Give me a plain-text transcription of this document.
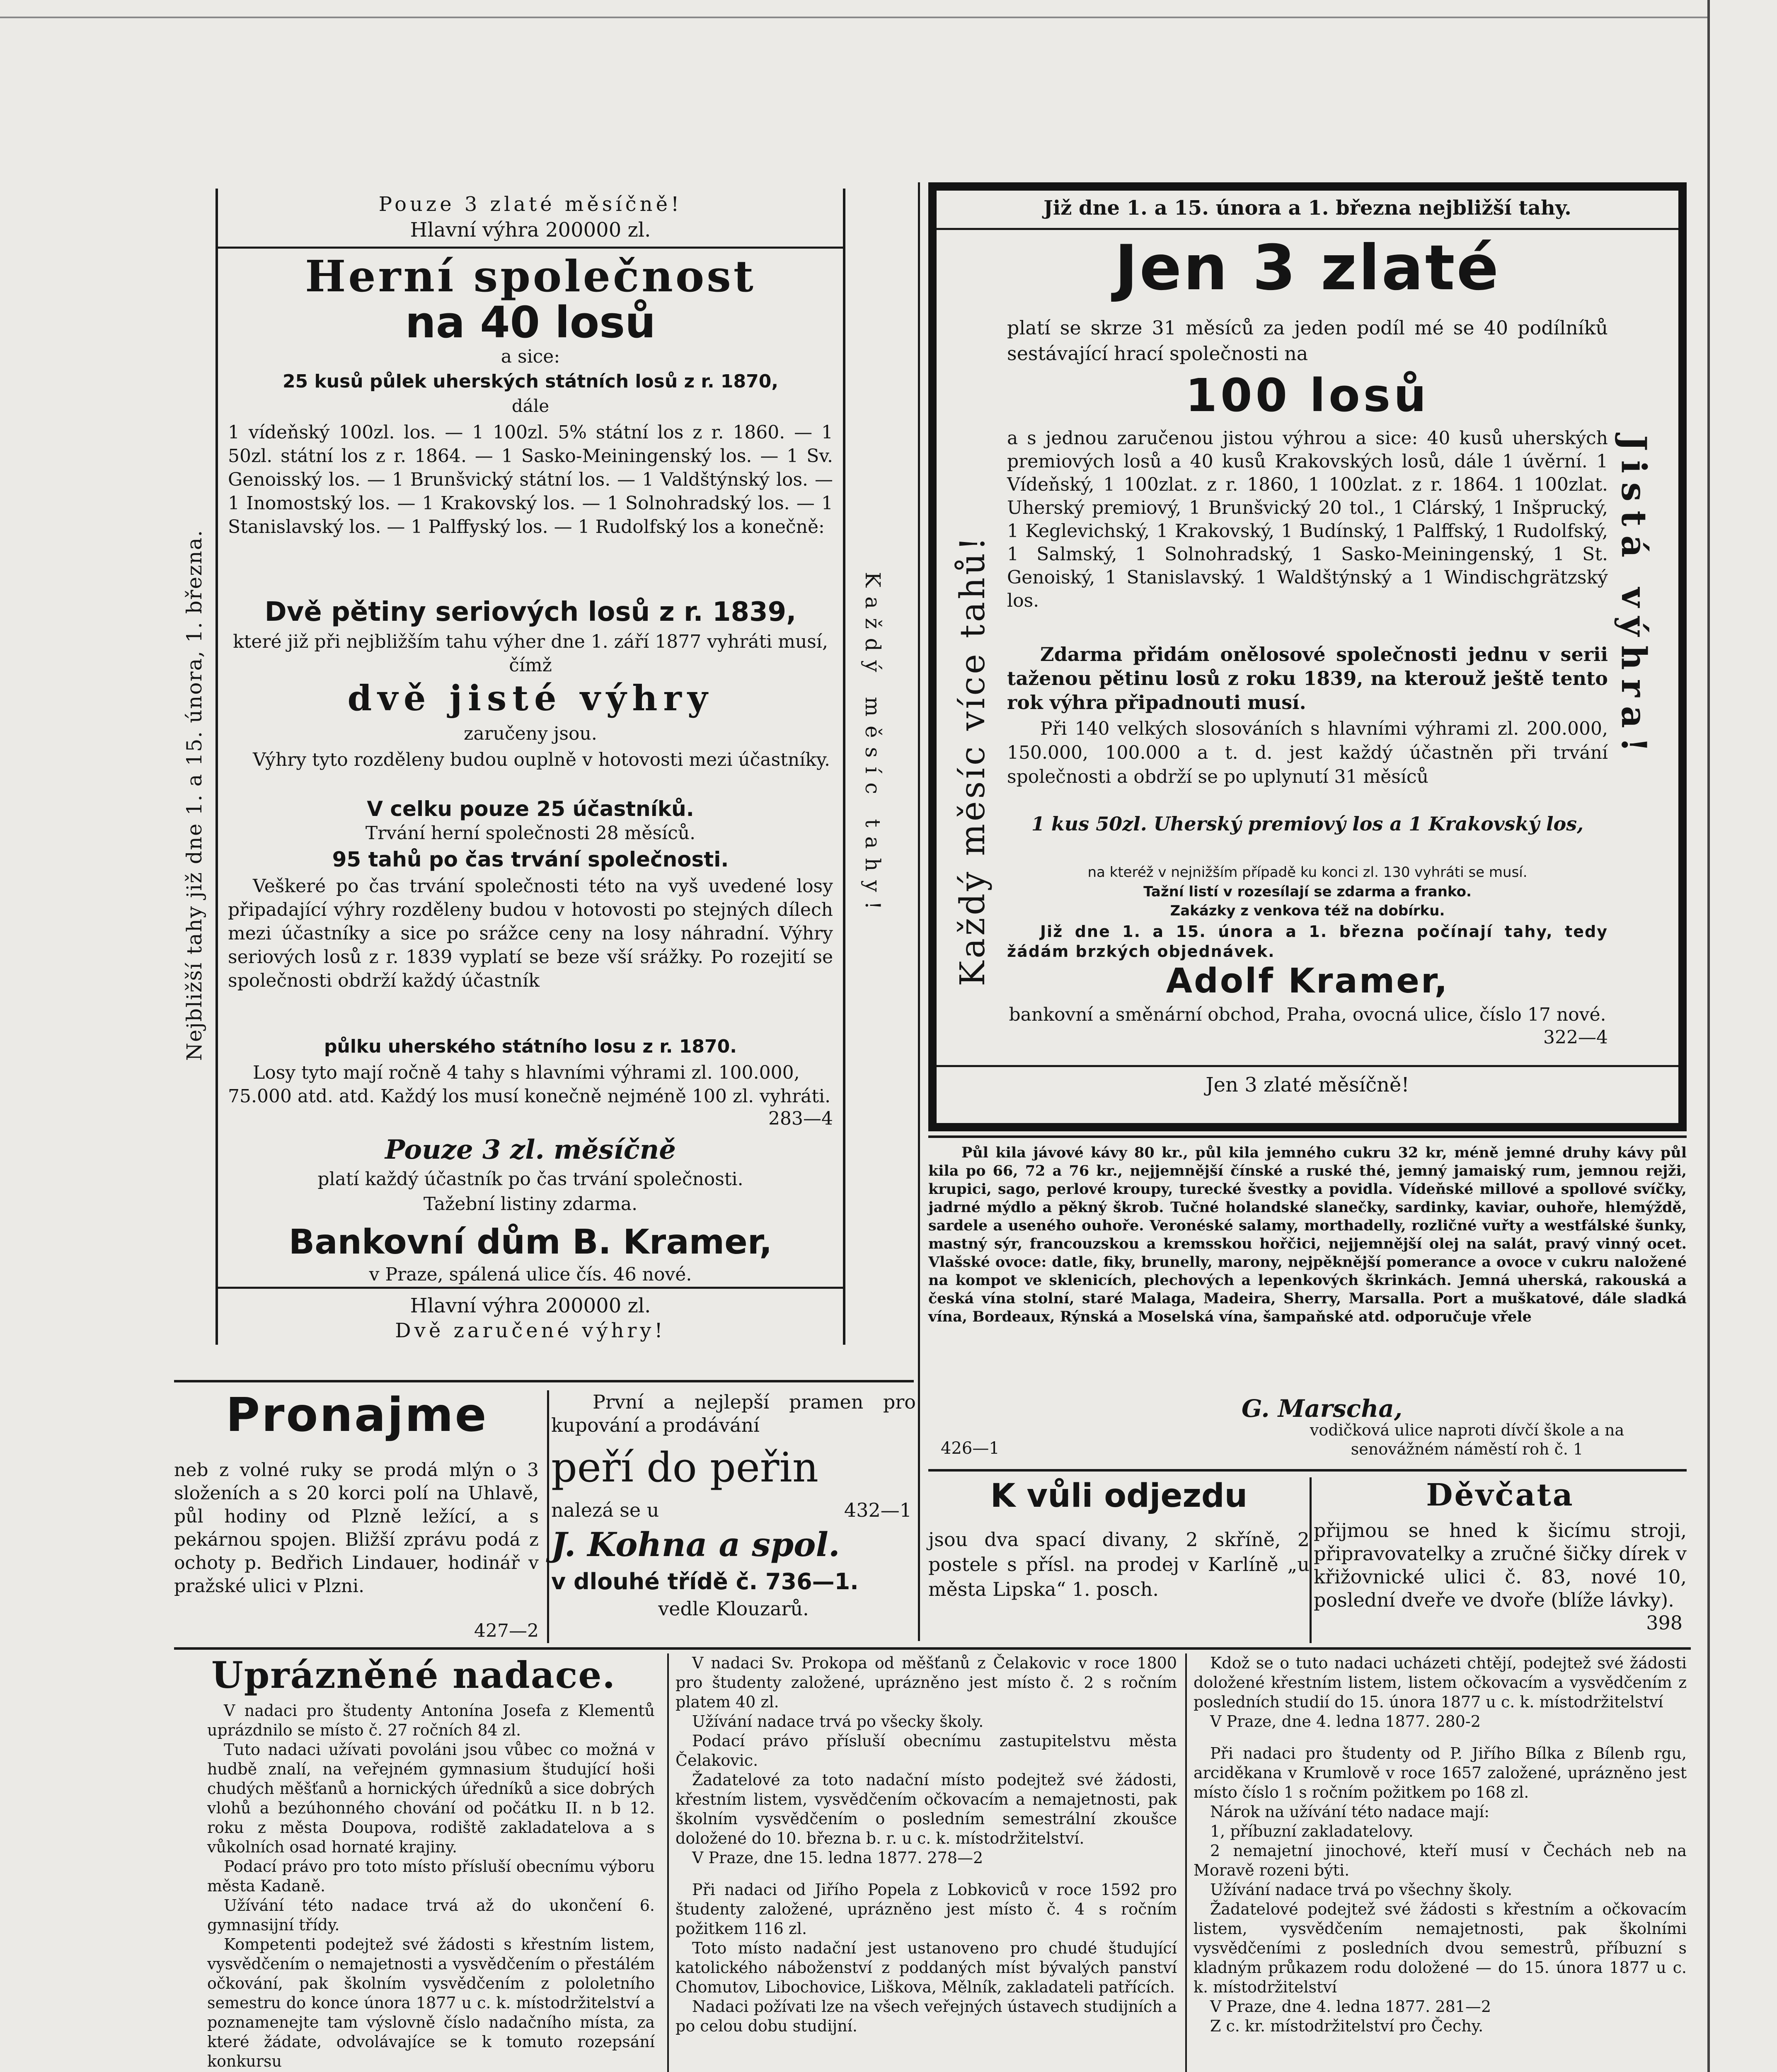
Pouze 3 zlaté měsíčně!
Hlavní výhra 200000 zl.
Herní společnost
na 40 losů
a sice:
25 kusů půlek uherských státních losů z r. 1870,
dále
1 vídeňský 100zl. los. — 1 100zl. 5% státní los z r. 1860. — 1 50zl. státní los z r. 1864. — 1 Sasko-Meiningenský los. — 1 Sv. Genoisský los. — 1 Brunšvický státní los. — 1 Valdštýnský los. — 1 Inomostský los. — 1 Krakovský los. — 1 Solnohradský los. — 1 Stanislavský los. — 1 Palffyský los. — 1 Rudolfský los a konečně:
Dvě pětiny seriových losů z r. 1839,
které již při nejbližším tahu výher dne 1. září 1877 vyhráti musí, čímž
dvě jisté výhry
zaručeny jsou.
Výhry tyto rozděleny budou ouplně v hotovosti mezi účastníky.
V celku pouze 25 účastníků.
Trvání herní společnosti 28 měsíců.
95 tahů po čas trvání společnosti.
Veškeré po čas trvání společnosti této na vyš uvedené losy připadající výhry rozděleny budou v hotovosti po stejných dílech mezi účastníky a sice po srážce ceny na losy náhradní. Výhry seriových losů z r. 1839 vyplatí se beze vší srážky. Po rozejití se společnosti obdrží každý účastník
půlku uherského státního losu z r. 1870.
Losy tyto mají ročně 4 tahy s hlavními výhrami zl. 100.000, 75.000 atd. atd. Každý los musí konečně nejméně 100 zl. vyhráti.
283—4
Pouze 3 zl. měsíčně
platí každý účastník po čas trvání společnosti.
Tažební listiny zdarma.
Bankovní dům B. Kramer,
v Praze, spálená ulice čís. 46 nové.
Hlavní výhra 200000 zl.
Dvě zaručené výhry!
Nejbližší tahy již dne 1. a 15. února, 1. března.	Každý měsíc tahy!
Již dne 1. a 15. února a 1. března nejbližší tahy.
Jen 3 zlaté
platí se skrze 31 měsíců za jeden podíl mé se 40 podílníků sestávající hrací společnosti na
100 losů
a s jednou zaručenou jistou výhrou a sice: 40 kusů uherských premiových losů a 40 kusů Krakovských losů, dále 1 úvěrní. 1 Vídeňský, 1 100zlat. z r. 1860, 1 100zlat. z r. 1864. 1 100zlat. Uherský premiový, 1 Brunšvický 20 tol., 1 Clárský, 1 Inšprucký, 1 Keglevichský, 1 Krakovský, 1 Budínský, 1 Palffský, 1 Rudolfský, 1 Salmský, 1 Solnohradský, 1 Sasko-Meiningenský, 1 St. Genoiský, 1 Stanislavský. 1 Waldštýnský a 1 Windischgrätzský los.
Zdarma přidám onělosové společnosti jednu v serii taženou pětinu losů z roku 1839, na kterouž ještě tento rok výhra připadnouti musí.
Při 140 velkých slosováních s hlavními výhrami zl. 200.000, 150.000, 100.000 a t. d. jest každý účastněn při trvání společnosti a obdrží se po uplynutí 31 měsíců
1 kus 50zl. Uherský premiový los a 1 Krakovský los,
na kteréž v nejnižším případě ku konci zl. 130 vyhráti se musí.
Tažní listí v rozesílají se zdarma a franko.
Zakázky z venkova též na dobírku.
Již dne 1. a 15. února a 1. března počínají tahy, tedy žádám brzkých objednávek.
Adolf Kramer,
bankovní a směnární obchod, Praha, ovocná ulice, číslo 17 nové.
322—4
Jen 3 zlaté měsíčně!
Každý měsíc více tahů!	Jistá výhra!
Půl kila jávové kávy 80 kr., půl kila jemného cukru 32 kr, méně jemné druhy kávy půl kila po 66, 72 a 76 kr., nejjemnější čínské a ruské thé, jemný jamaiský rum, jemnou rejži, krupici, sago, perlové kroupy, turecké švestky a povidla. Vídeňské millové a spollové svíčky, jadrné mýdlo a pěkný škrob. Tučné holandské slanečky, sardinky, kaviar, ouhoře, hlemýždě, sardele a useného ouhoře. Veronéské salamy, morthadelly, rozličné vuřty a westfálské šunky, mastný sýr, francouzskou a kremsskou hořčici, nejjemnější olej na salát, pravý vinný ocet. Vlašské ovoce: datle, fiky, brunelly, marony, nejpěknější pomerance a ovoce v cukru naložené na kompot ve sklenicích, plechových a lepenkových škrinkách. Jemná uherská, rakouská a česká vína stolní, staré Malaga, Madeira, Sherry, Marsalla. Port a muškatové, dále sladká vína, Bordeaux, Rýnská a Moselská vína, šampaňské atd. odporučuje vřele
G. Marscha,
vodičková ulice naproti dívčí škole a na senovážném náměstí roh č. 1
426—1
Pronajme
neb z volné ruky se prodá mlýn o 3 složeních a s 20 korci polí na Uhlavě, půl hodiny od Plzně ležící, a s pekárnou spojen. Bližší zprávu podá z ochoty p. Bedřich Lindauer, hodinář v pražské ulici v Plzni.
427—2
První a nejlepší pramen pro kupování a prodávání
peří do peřin
nalezá se u	432—1
J. Kohna a spol.
v dlouhé třídě č. 736—1.
vedle Klouzarů.
K vůli odjezdu
jsou dva spací divany, 2 skříně, 2 postele s přísl. na prodej v Karlíně „u města Lipska“ 1. posch.
Děvčata
přijmou se hned k šicímu stroji, připravovatelky a zručné šičky dírek v křižovnické ulici č. 83, nové 10, poslední dveře ve dvoře (blíže lávky).
398
Uprázněné nadace.

V nadaci pro študenty Antonína Josefa z Klementů uprázdnilo se místo č. 27 ročních 84 zl.

Tuto nadaci užívati povoláni jsou vůbec co možná v hudbě znalí, na veřejném gymnasium študující hoši chudých měšťanů a hornických úředníků a sice dobrých vlohů a bezúhonného chování od počátku II. n b 12. roku z města Doupova, rodiště zakladatelova a s vůkolních osad hornaté krajiny.

Podací právo pro toto místo přísluší obecnímu výboru města Kadaně.

Užívání této nadace trvá až do ukončení 6. gymnasijní třídy.

Kompetenti podejtež své žádosti s křestním listem, vysvědčením o nemajetnosti a vysvědčením o přestálém očkování, pak školním vysvědčením z pololetního semestru do konce února 1877 u c. k. místodržitelství a poznamenejte tam výslovně číslo nadačního místa, za které žádate, odvolávajíce se k tomuto rozepsání konkursu

V nadaci Sv. Prokopa od měšťanů z Čelakovic v roce 1800 pro študenty založené, uprázněno jest místo č. 2 s ročním platem 40 zl.

Užívání nadace trvá po všecky školy.

Podací právo přísluší obecnímu zastupitelstvu města Čelakovic.

Žadatelové za toto nadační místo podejtež své žádosti, křestním listem, vysvědčením očkovacím a nemajetnosti, pak školním vysvědčením o posledním semestrální zkoušce doložené do 10. března b. r. u c. k. místodržitelství.

V Praze, dne 15. ledna 1877. 278—2

Při nadaci od Jiřího Popela z Lobkoviců v roce 1592 pro študenty založené, uprázněno jest místo č. 4 s ročním požitkem 116 zl.

Toto místo nadační jest ustanoveno pro chudé študující katolického náboženství z poddaných míst bývalých panství Chomutov, Libochovice, Liškova, Mělník, zakladateli patřících.

Nadaci požívati lze na všech veřejných ústavech studijních a po celou dobu studijní.

Kdož se o tuto nadaci ucházeti chtějí, podejtež své žádosti doložené křestním listem, listem očkovacím a vysvědčením z posledních studií do 15. února 1877 u c. k. místodržitelství

V Praze, dne 4. ledna 1877. 280-2

Při nadaci pro študenty od P. Jiřího Bílka z Bílenb rgu, arciděkana v Krumlově v roce 1657 založené, uprázněno jest místo číslo 1 s ročním požitkem po 168 zl.

Nárok na užívání této nadace mají:

1, příbuzní zakladatelovy.

2 nemajetní jinochové, kteří musí v Čechách neb na Moravě rozeni býti.

Užívání nadace trvá po všechny školy.

Žadatelové podejtež své žádosti s křestním a očkovacím listem, vysvědčením nemajetnosti, pak školními vysvědčeními z posledních dvou semestrů, příbuzní s kladným průkazem rodu doložené — do 15. února 1877 u c. k. místodržitelství

V Praze, dne 4. ledna 1877. 281—2

Z c. kr. místodržitelství pro Čechy.
